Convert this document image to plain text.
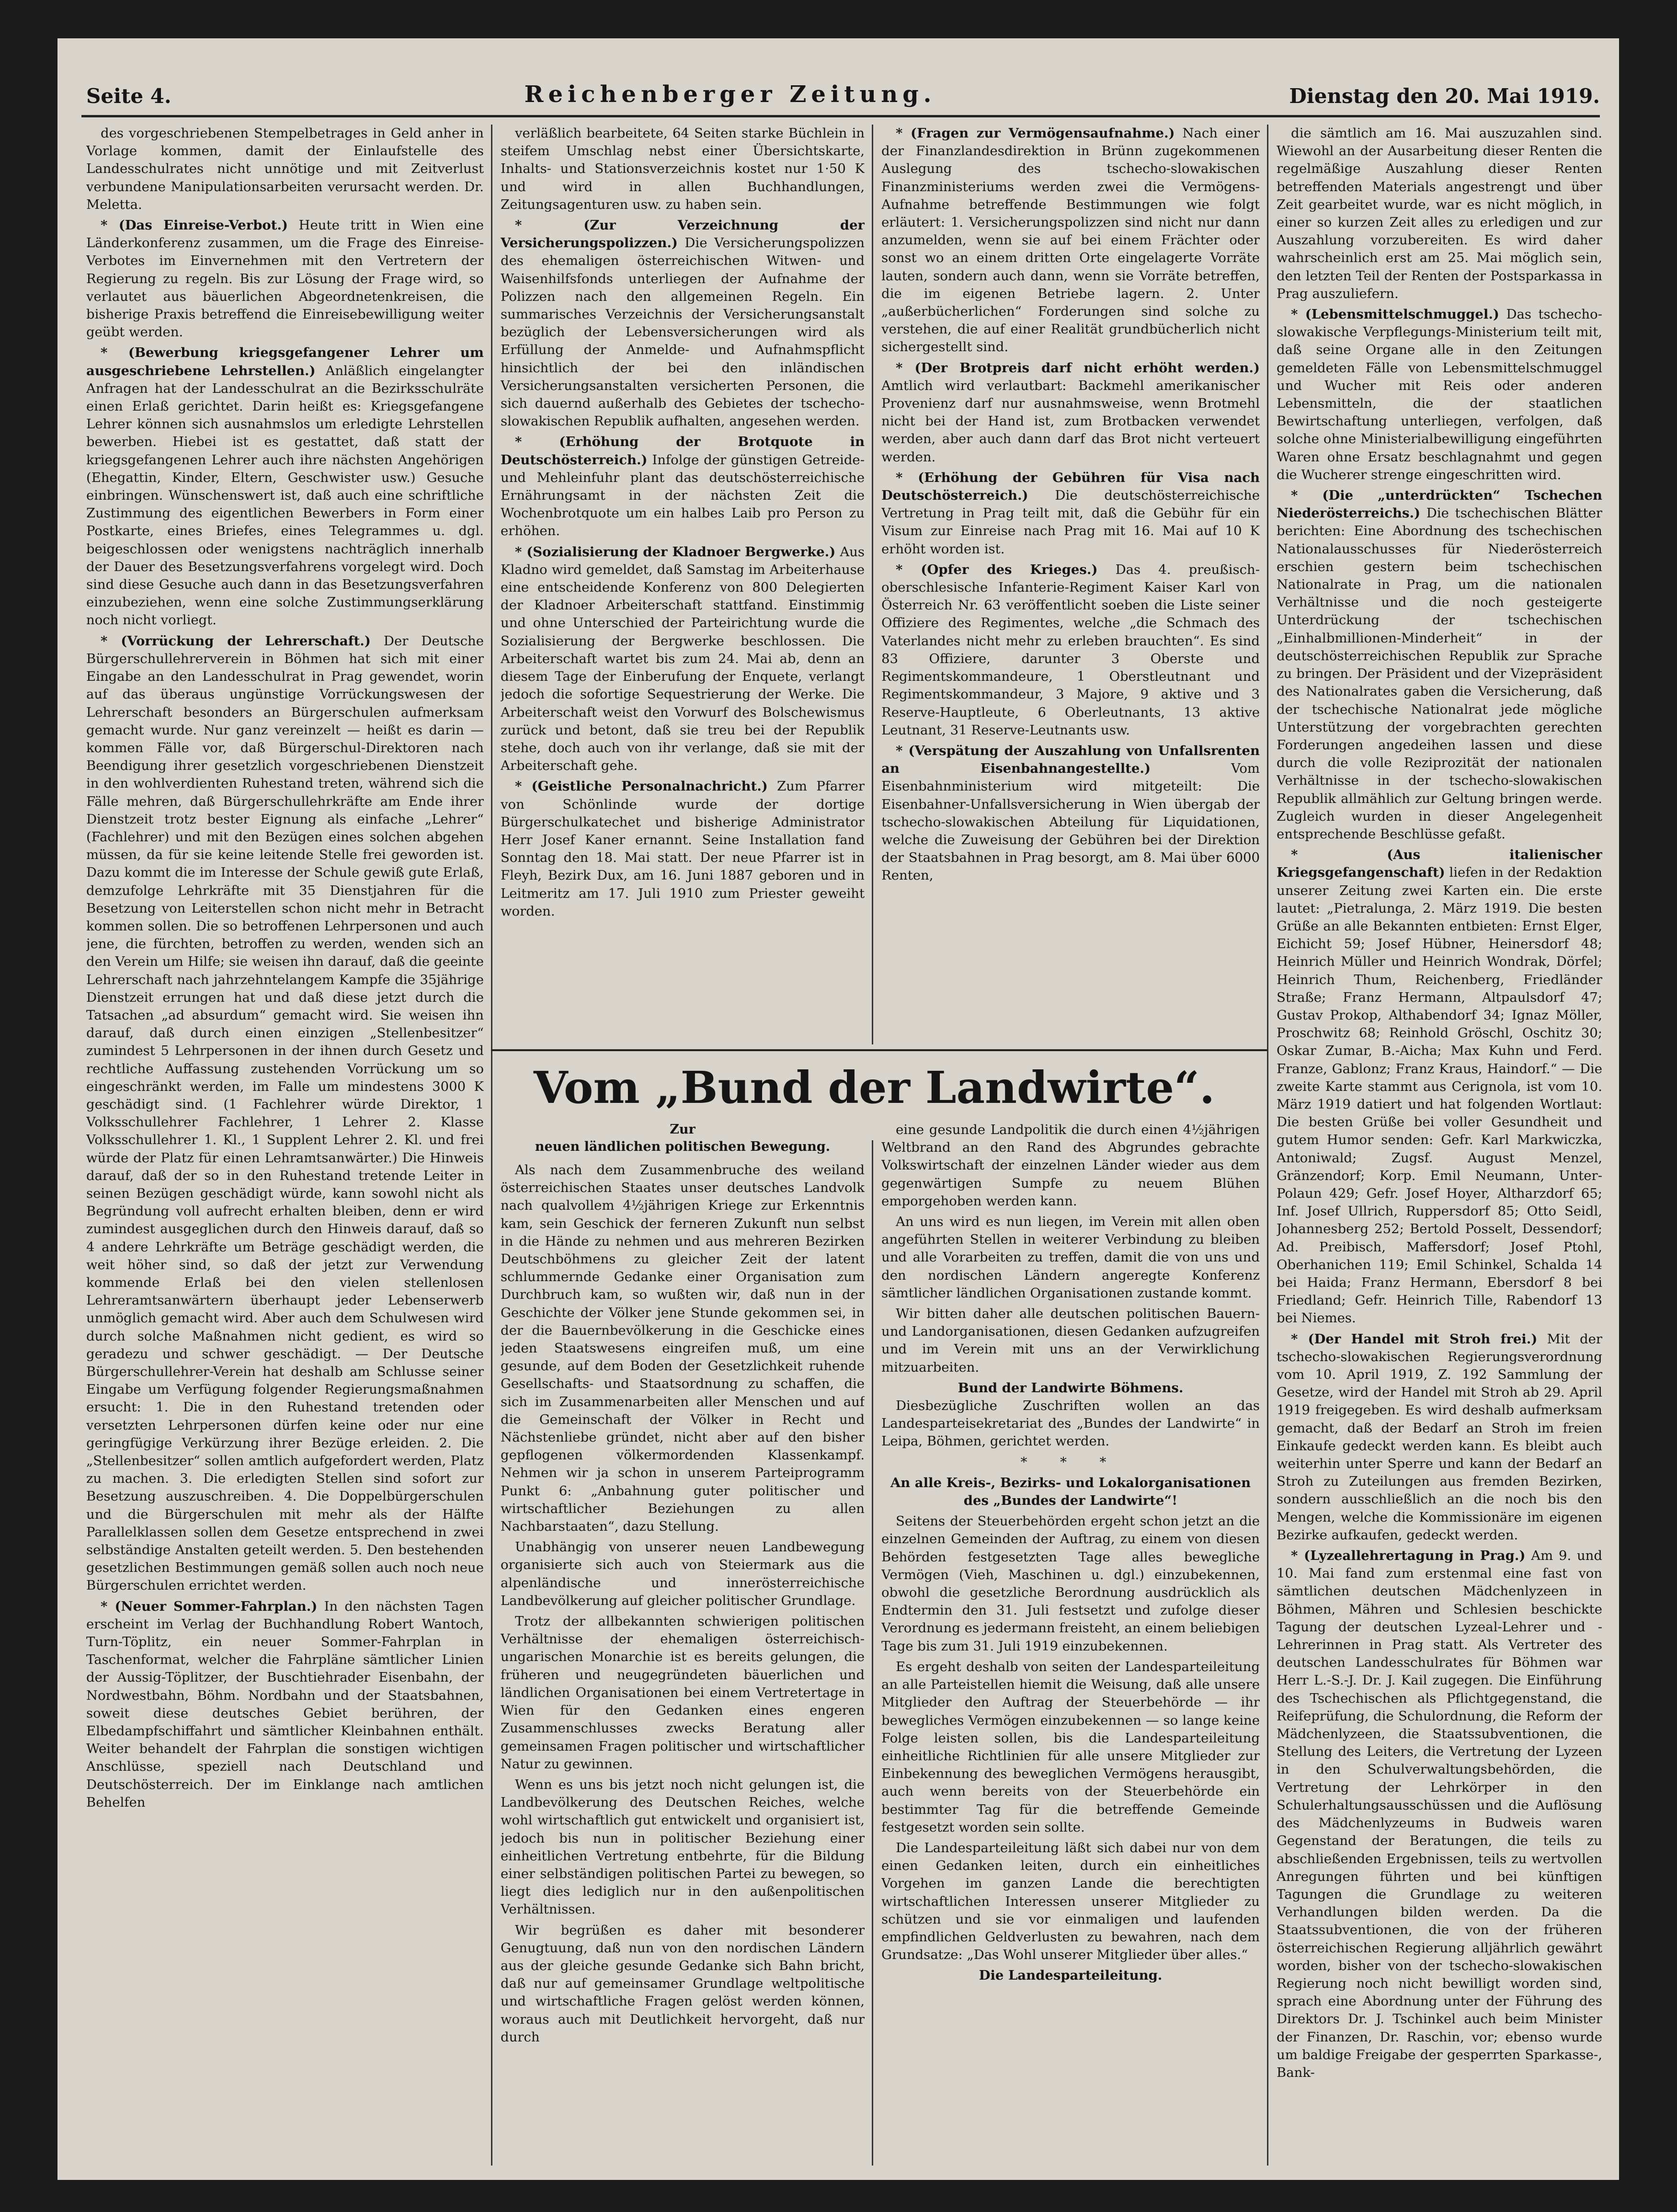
Seite 4.	Reichenberger Zeitung.	Dienstag den 20. Mai 1919.

des vorgeschriebenen Stempelbetrages in Geld anher in Vorlage kommen, damit der Einlaufstelle des Landesschulrates nicht unnötige und mit Zeitverlust verbundene Manipulationsarbeiten verursacht werden. Dr. Meletta.

* (Das Einreise-Verbot.) Heute tritt in Wien eine Länderkonferenz zusammen, um die Frage des Einreise-Verbotes im Einvernehmen mit den Vertretern der Regierung zu regeln. Bis zur Lösung der Frage wird, so verlautet aus bäuerlichen Abgeordnetenkreisen, die bisherige Praxis betreffend die Einreisebewilligung weiter geübt werden.

* (Bewerbung kriegsgefangener Lehrer um ausgeschriebene Lehrstellen.) Anläßlich eingelangter Anfragen hat der Landesschulrat an die Bezirksschulräte einen Erlaß gerichtet. Darin heißt es: Kriegsgefangene Lehrer können sich ausnahmslos um erledigte Lehrstellen bewerben. Hiebei ist es gestattet, daß statt der kriegsgefangenen Lehrer auch ihre nächsten Angehörigen (Ehegattin, Kinder, Eltern, Geschwister usw.) Gesuche einbringen. Wünschenswert ist, daß auch eine schriftliche Zustimmung des eigentlichen Bewerbers in Form einer Postkarte, eines Briefes, eines Telegrammes u. dgl. beigeschlossen oder wenigstens nachträglich innerhalb der Dauer des Besetzungsverfahrens vorgelegt wird. Doch sind diese Gesuche auch dann in das Besetzungsverfahren einzubeziehen, wenn eine solche Zustimmungserklärung noch nicht vorliegt.

* (Vorrückung der Lehrerschaft.) Der Deutsche Bürgerschullehrerverein in Böhmen hat sich mit einer Eingabe an den Landesschulrat in Prag gewendet, worin auf das überaus ungünstige Vorrückungswesen der Lehrerschaft besonders an Bürgerschulen aufmerksam gemacht wurde. Nur ganz vereinzelt — heißt es darin — kommen Fälle vor, daß Bürgerschul-Direktoren nach Beendigung ihrer gesetzlich vorgeschriebenen Dienstzeit in den wohlverdienten Ruhestand treten, während sich die Fälle mehren, daß Bürgerschullehrkräfte am Ende ihrer Dienstzeit trotz bester Eignung als einfache „Lehrer“ (Fachlehrer) und mit den Bezügen eines solchen abgehen müssen, da für sie keine leitende Stelle frei geworden ist. Dazu kommt die im Interesse der Schule gewiß gute Erlaß, demzufolge Lehrkräfte mit 35 Dienstjahren für die Besetzung von Leiterstellen schon nicht mehr in Betracht kommen sollen. Die so betroffenen Lehrpersonen und auch jene, die fürchten, betroffen zu werden, wenden sich an den Verein um Hilfe; sie weisen ihn darauf, daß die geeinte Lehrerschaft nach jahrzehntelangem Kampfe die 35jährige Dienstzeit errungen hat und daß diese jetzt durch die Tatsachen „ad absurdum“ gemacht wird. Sie weisen ihn darauf, daß durch einen einzigen „Stellenbesitzer“ zumindest 5 Lehrpersonen in der ihnen durch Gesetz und rechtliche Auffassung zustehenden Vorrückung um so eingeschränkt werden, im Falle um mindestens 3000 K geschädigt sind. (1 Fachlehrer würde Direktor, 1 Volksschullehrer Fachlehrer, 1 Lehrer 2. Klasse Volksschullehrer 1. Kl., 1 Supplent Lehrer 2. Kl. und frei würde der Platz für einen Lehramtsanwärter.) Die Hinweis darauf, daß der so in den Ruhestand tretende Leiter in seinen Bezügen geschädigt würde, kann sowohl nicht als Begründung voll aufrecht erhalten bleiben, denn er wird zumindest ausgeglichen durch den Hinweis darauf, daß so 4 andere Lehrkräfte um Beträge geschädigt werden, die weit höher sind, so daß der jetzt zur Verwendung kommende Erlaß bei den vielen stellenlosen Lehreramtsanwärtern überhaupt jeder Lebenserwerb unmöglich gemacht wird. Aber auch dem Schulwesen wird durch solche Maßnahmen nicht gedient, es wird so geradezu und schwer geschädigt. — Der Deutsche Bürgerschullehrer-Verein hat deshalb am Schlusse seiner Eingabe um Verfügung folgender Regierungsmaßnahmen ersucht: 1. Die in den Ruhestand tretenden oder versetzten Lehrpersonen dürfen keine oder nur eine geringfügige Verkürzung ihrer Bezüge erleiden. 2. Die „Stellenbesitzer“ sollen amtlich aufgefordert werden, Platz zu machen. 3. Die erledigten Stellen sind sofort zur Besetzung auszuschreiben. 4. Die Doppelbürgerschulen und die Bürgerschulen mit mehr als der Hälfte Parallelklassen sollen dem Gesetze entsprechend in zwei selbständige Anstalten geteilt werden. 5. Den bestehenden gesetzlichen Bestimmungen gemäß sollen auch noch neue Bürgerschulen errichtet werden.

* (Neuer Sommer-Fahrplan.) In den nächsten Tagen erscheint im Verlag der Buchhandlung Robert Wantoch, Turn-Töplitz, ein neuer Sommer-Fahrplan in Taschenformat, welcher die Fahrpläne sämtlicher Linien der Aussig-Töplitzer, der Buschtiehrader Eisenbahn, der Nordwestbahn, Böhm. Nordbahn und der Staatsbahnen, soweit diese deutsches Gebiet berühren, der Elbedampfschiffahrt und sämtlicher Kleinbahnen enthält. Weiter behandelt der Fahrplan die sonstigen wichtigen Anschlüsse, speziell nach Deutschland und Deutschösterreich. Der im Einklange nach amtlichen Behelfen

verläßlich bearbeitete, 64 Seiten starke Büchlein in steifem Umschlag nebst einer Übersichtskarte, Inhalts- und Stationsverzeichnis kostet nur 1·50 K und wird in allen Buchhandlungen, Zeitungsagenturen usw. zu haben sein.

* (Zur Verzeichnung der Versicherungspolizzen.) Die Versicherungspolizzen des ehemaligen österreichischen Witwen- und Waisenhilfsfonds unterliegen der Aufnahme der Polizzen nach den allgemeinen Regeln. Ein summarisches Verzeichnis der Versicherungsanstalt bezüglich der Lebensversicherungen wird als Erfüllung der Anmelde- und Aufnahmspflicht hinsichtlich der bei den inländischen Versicherungsanstalten versicherten Personen, die sich dauernd außerhalb des Gebietes der tschecho-slowakischen Republik aufhalten, angesehen werden.

* (Erhöhung der Brotquote in Deutschösterreich.) Infolge der günstigen Getreide- und Mehleinfuhr plant das deutschösterreichische Ernährungsamt in der nächsten Zeit die Wochenbrotquote um ein halbes Laib pro Person zu erhöhen.

* (Sozialisierung der Kladnoer Bergwerke.) Aus Kladno wird gemeldet, daß Samstag im Arbeiterhause eine entscheidende Konferenz von 800 Delegierten der Kladnoer Arbeiterschaft stattfand. Einstimmig und ohne Unterschied der Parteirichtung wurde die Sozialisierung der Bergwerke beschlossen. Die Arbeiterschaft wartet bis zum 24. Mai ab, denn an diesem Tage der Einberufung der Enquete, verlangt jedoch die sofortige Sequestrierung der Werke. Die Arbeiterschaft weist den Vorwurf des Bolschewismus zurück und betont, daß sie treu bei der Republik stehe, doch auch von ihr verlange, daß sie mit der Arbeiterschaft gehe.

* (Geistliche Personalnachricht.) Zum Pfarrer von Schönlinde wurde der dortige Bürgerschulkatechet und bisherige Administrator Herr Josef Kaner ernannt. Seine Installation fand Sonntag den 18. Mai statt. Der neue Pfarrer ist in Fleyh, Bezirk Dux, am 16. Juni 1887 geboren und in Leitmeritz am 17. Juli 1910 zum Priester geweiht worden.

* (Fragen zur Vermögensaufnahme.) Nach einer der Finanzlandesdirektion in Brünn zugekommenen Auslegung des tschecho-slowakischen Finanzministeriums werden zwei die Vermögens-Aufnahme betreffende Bestimmungen wie folgt erläutert: 1. Versicherungspolizzen sind nicht nur dann anzumelden, wenn sie auf bei einem Frächter oder sonst wo an einem dritten Orte eingelagerte Vorräte lauten, sondern auch dann, wenn sie Vorräte betreffen, die im eigenen Betriebe lagern. 2. Unter „außerbücherlichen“ Forderungen sind solche zu verstehen, die auf einer Realität grundbücherlich nicht sichergestellt sind.

* (Der Brotpreis darf nicht erhöht werden.) Amtlich wird verlautbart: Backmehl amerikanischer Provenienz darf nur ausnahmsweise, wenn Brotmehl nicht bei der Hand ist, zum Brotbacken verwendet werden, aber auch dann darf das Brot nicht verteuert werden.

* (Erhöhung der Gebühren für Visa nach Deutschösterreich.) Die deutschösterreichische Vertretung in Prag teilt mit, daß die Gebühr für ein Visum zur Einreise nach Prag mit 16. Mai auf 10 K erhöht worden ist.

* (Opfer des Krieges.) Das 4. preußisch-oberschlesische Infanterie-Regiment Kaiser Karl von Österreich Nr. 63 veröffentlicht soeben die Liste seiner Offiziere des Regimentes, welche „die Schmach des Vaterlandes nicht mehr zu erleben brauchten“. Es sind 83 Offiziere, darunter 3 Oberste und Regimentskommandeure, 1 Oberstleutnant und Regimentskommandeur, 3 Majore, 9 aktive und 3 Reserve-Hauptleute, 6 Oberleutnants, 13 aktive Leutnant, 31 Reserve-Leutnants usw.

* (Verspätung der Auszahlung von Unfallsrenten an Eisenbahnangestellte.)	Vom Eisenbahnministerium wird mitgeteilt: Die Eisenbahner-Unfallsversicherung in Wien übergab der tschecho-slowakischen Abteilung für Liquidationen, welche die Zuweisung der Gebühren bei der Direktion der Staatsbahnen in Prag besorgt, am 8. Mai über 6000 Renten,

die sämtlich am 16. Mai auszuzahlen sind. Wiewohl an der Ausarbeitung dieser Renten die regelmäßige Auszahlung dieser Renten betreffenden Materials angestrengt und über Zeit gearbeitet wurde, war es nicht möglich, in einer so kurzen Zeit alles zu erledigen und zur Auszahlung vorzubereiten. Es wird daher wahrscheinlich erst am 25. Mai möglich sein, den letzten Teil der Renten der Postsparkassa in Prag auszuliefern.

* (Lebensmittelschmuggel.) Das tschecho-slowakische Verpflegungs-Ministerium teilt mit, daß seine Organe alle in den Zeitungen gemeldeten Fälle von Lebensmittelschmuggel und Wucher mit Reis oder anderen Lebensmitteln, die der staatlichen Bewirtschaftung unterliegen, verfolgen, daß solche ohne Ministerialbewilligung eingeführten Waren ohne Ersatz beschlagnahmt und gegen die Wucherer strenge eingeschritten wird.

* (Die „unterdrückten“ Tschechen Niederösterreichs.) Die tschechischen Blätter berichten: Eine Abordnung des tschechischen Nationalausschusses für Niederösterreich erschien gestern beim tschechischen Nationalrate in Prag, um die nationalen Verhältnisse und die noch gesteigerte Unterdrückung der tschechischen „Einhalbmillionen-Minderheit“ in der deutschösterreichischen Republik zur Sprache zu bringen. Der Präsident und der Vizepräsident des Nationalrates gaben die Versicherung, daß der tschechische Nationalrat jede mögliche Unterstützung der vorgebrachten gerechten Forderungen angedeihen lassen und diese durch die volle Reziprozität der nationalen Verhältnisse in der tschecho-slowakischen Republik allmählich zur Geltung bringen werde. Zugleich wurden in dieser Angelegenheit entsprechende Beschlüsse gefaßt.

* (Aus italienischer Kriegsgefangenschaft) liefen in der Redaktion unserer Zeitung zwei Karten ein. Die erste lautet: „Pietralunga, 2. März 1919. Die besten Grüße an alle Bekannten entbieten: Ernst Elger, Eichicht 59; Josef Hübner, Heinersdorf 48; Heinrich Müller und Heinrich Wondrak, Dörfel; Heinrich Thum, Reichenberg, Friedländer Straße; Franz Hermann, Altpaulsdorf 47; Gustav Prokop, Althabendorf 34; Ignaz Möller, Proschwitz 68; Reinhold Gröschl, Oschitz 30; Oskar Zumar, B.-Aicha; Max Kuhn und Ferd. Franze, Gablonz; Franz Kraus, Haindorf.“ — Die zweite Karte stammt aus Cerignola, ist vom 10. März 1919 datiert und hat folgenden Wortlaut: Die besten Grüße bei voller Gesundheit und gutem Humor senden: Gefr. Karl Markwiczka, Antoniwald; Zugsf. August Menzel, Gränzendorf; Korp. Emil Neumann, Unter-Polaun 429; Gefr. Josef Hoyer, Altharzdorf 65; Inf. Josef Ullrich, Ruppersdorf 85; Otto Seidl, Johannesberg 252; Bertold Posselt, Dessendorf; Ad. Preibisch, Maffersdorf; Josef Ptohl, Oberhanichen 119; Emil Schinkel, Schalda 14 bei Haida; Franz Hermann, Ebersdorf 8 bei Friedland; Gefr. Heinrich Tille, Rabendorf 13 bei Niemes.

* (Der Handel mit Stroh frei.) Mit der tschecho-slowakischen Regierungsverordnung vom 10. April 1919, Z. 192 Sammlung der Gesetze, wird der Handel mit Stroh ab 29. April 1919 freigegeben. Es wird deshalb aufmerksam gemacht, daß der Bedarf an Stroh im freien Einkaufe gedeckt werden kann. Es bleibt auch weiterhin unter Sperre und kann der Bedarf an Stroh zu Zuteilungen aus fremden Bezirken, sondern ausschließlich an die noch bis den Mengen, welche die Kommissionäre im eigenen Bezirke aufkaufen, gedeckt werden.

* (Lyzeallehrertagung in Prag.) Am 9. und 10. Mai fand zum erstenmal eine fast von sämtlichen deutschen Mädchenlyzeen in Böhmen, Mähren und Schlesien beschickte Tagung der deutschen Lyzeal-Lehrer und -Lehrerinnen in Prag statt. Als Vertreter des deutschen Landesschulrates für Böhmen war Herr L.-S.-J. Dr. J. Kail zugegen. Die Einführung des Tschechischen als Pflichtgegenstand, die Reifeprüfung, die Schulordnung, die Reform der Mädchenlyzeen, die Staatssubventionen, die Stellung des Leiters, die Vertretung der Lyzeen in den Schulverwaltungsbehörden, die Vertretung der Lehrkörper in den Schulerhaltungsausschüssen und die Auflösung des Mädchenlyzeums in Budweis waren Gegenstand der Beratungen, die teils zu abschließenden Ergebnissen, teils zu wertvollen Anregungen führten und bei künftigen Tagungen die Grundlage zu weiteren Verhandlungen bilden werden. Da die Staatssubventionen, die von der früheren österreichischen Regierung alljährlich gewährt worden, bisher von der tschecho-slowakischen Regierung noch nicht bewilligt worden sind, sprach eine Abordnung unter der Führung des Direktors Dr. J. Tschinkel auch beim Minister der Finanzen, Dr. Raschin, vor; ebenso wurde um baldige Freigabe der gesperrten Sparkasse-, Bank-

Vom „Bund der Landwirte“.
Zur
neuen ländlichen politischen Bewegung.

Als nach dem Zusammenbruche des weiland österreichischen Staates unser deutsches Landvolk nach qualvollem 4½jährigen Kriege zur Erkenntnis kam, sein Geschick der ferneren Zukunft nun selbst in die Hände zu nehmen und aus mehreren Bezirken Deutschböhmens zu gleicher Zeit der latent schlummernde Gedanke einer Organisation zum Durchbruch kam, so wußten wir, daß nun in der Geschichte der Völker jene Stunde gekommen sei, in der die Bauernbevölkerung in die Geschicke eines jeden Staatswesens eingreifen muß, um eine gesunde, auf dem Boden der Gesetzlichkeit ruhende Gesellschafts- und Staatsordnung zu schaffen, die sich im Zusammenarbeiten aller Menschen und auf die Gemeinschaft der Völker in Recht und Nächstenliebe gründet, nicht aber auf den bisher gepflogenen völkermordenden Klassenkampf. Nehmen wir ja schon in unserem Parteiprogramm Punkt 6: „Anbahnung guter politischer und wirtschaftlicher Beziehungen zu allen Nachbarstaaten“, dazu Stellung.

Unabhängig von unserer neuen Landbewegung organisierte sich auch von Steiermark aus die alpenländische und innerösterreichische Landbevölkerung auf gleicher politischer Grundlage.

Trotz der allbekannten schwierigen politischen Verhältnisse der ehemaligen österreichisch-ungarischen Monarchie ist es bereits gelungen, die früheren und neugegründeten bäuerlichen und ländlichen Organisationen bei einem Vertretertage in Wien für den Gedanken eines engeren Zusammenschlusses zwecks Beratung aller gemeinsamen Fragen politischer und wirtschaftlicher Natur zu gewinnen.

Wenn es uns bis jetzt noch nicht gelungen ist, die Landbevölkerung des Deutschen Reiches, welche wohl wirtschaftlich gut entwickelt und organisiert ist, jedoch bis nun in politischer Beziehung einer einheitlichen Vertretung entbehrte, für die Bildung einer selbständigen politischen Partei zu bewegen, so liegt dies lediglich nur in den außenpolitischen Verhältnissen.

Wir begrüßen es daher mit besonderer Genugtuung, daß nun von den nordischen Ländern aus der gleiche gesunde Gedanke sich Bahn bricht, daß nur auf gemeinsamer Grundlage weltpolitische und wirtschaftliche Fragen gelöst werden können, woraus auch mit Deutlichkeit hervorgeht, daß nur durch

eine gesunde Landpolitik die durch einen 4½jährigen Weltbrand an den Rand des Abgrundes gebrachte Volkswirtschaft der einzelnen Länder wieder aus dem gegenwärtigen Sumpfe zu neuem Blühen emporgehoben werden kann.

An uns wird es nun liegen, im Verein mit allen oben angeführten Stellen in weiterer Verbindung zu bleiben und alle Vorarbeiten zu treffen, damit die von uns und den nordischen Ländern angeregte Konferenz sämtlicher ländlichen Organisationen zustande kommt.

Wir bitten daher alle deutschen politischen Bauern- und Landorganisationen, diesen Gedanken aufzugreifen und im Verein mit uns an der Verwirklichung mitzuarbeiten.

Bund der Landwirte Böhmens.

Diesbezügliche Zuschriften wollen an das Landesparteisekretariat des „Bundes der Landwirte“ in Leipa, Böhmen, gerichtet werden.

* * *
An alle Kreis-, Bezirks- und Lokalorganisationen des „Bundes der Landwirte“!

Seitens der Steuerbehörden ergeht schon jetzt an die einzelnen Gemeinden der Auftrag, zu einem von diesen Behörden festgesetzten Tage alles bewegliche Vermögen (Vieh, Maschinen u. dgl.) einzubekennen, obwohl die gesetzliche Berordnung ausdrücklich als Endtermin den 31. Juli festsetzt und zufolge dieser Verordnung es jedermann freisteht, an einem beliebigen Tage bis zum 31. Juli 1919 einzubekennen.

Es ergeht deshalb von seiten der Landesparteileitung an alle Parteistellen hiemit die Weisung, daß alle unsere Mitglieder den Auftrag der Steuerbehörde — ihr bewegliches Vermögen einzubekennen — so lange keine Folge leisten sollen, bis die Landesparteileitung einheitliche Richtlinien für alle unsere Mitglieder zur Einbekennung des beweglichen Vermögens herausgibt, auch wenn bereits von der Steuerbehörde ein bestimmter Tag für die betreffende Gemeinde festgesetzt worden sein sollte.

Die Landesparteileitung läßt sich dabei nur von dem einen Gedanken leiten, durch ein einheitliches Vorgehen im ganzen Lande die berechtigten wirtschaftlichen Interessen unserer Mitglieder zu schützen und sie vor einmaligen und laufenden empfindlichen Geldverlusten zu bewahren, nach dem Grundsatze: „Das Wohl unserer Mitglieder über alles.“

Die Landesparteileitung.
